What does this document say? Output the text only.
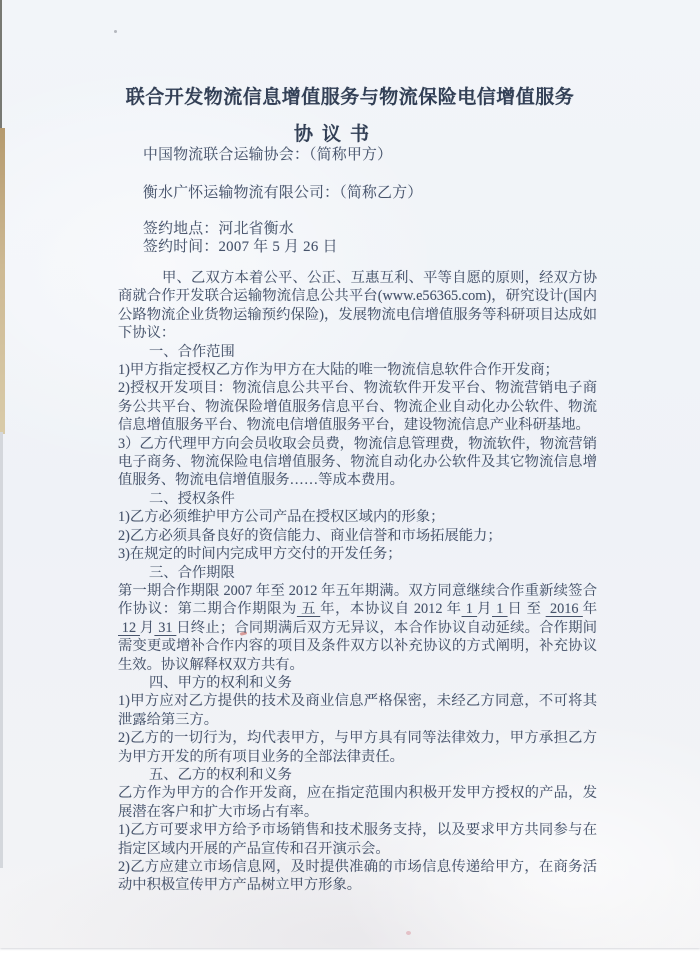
联合开发物流信息增值服务与物流保险电信增值服务
协议书
中国物流联合运输协会：（简称甲方）
衡水广怀运输物流有限公司：（简称乙方）
签约地点：河北省衡水
签约时间：2007 年 5 月 26 日

甲、乙双方本着公平、公正、互惠互利、平等自愿的原则，经双方协商就合作开发联合运输物流信息公共平台(www.e56365.com)，研究设计(国内公路物流企业货物运输预约保险)，发展物流电信增值服务等科研项目达成如下协议：

一、合作范围

1)甲方指定授权乙方作为甲方在大陆的唯一物流信息软件合作开发商；

2)授权开发项目：物流信息公共平台、物流软件开发平台、物流营销电子商务公共平台、物流保险增值服务信息平台、物流企业自动化办公软件、物流信息增值服务平台、物流电信增值服务平台，建设物流信息产业科研基地。

3）乙方代理甲方向会员收取会员费，物流信息管理费，物流软件，物流营销电子商务、物流保险电信增值服务、物流自动化办公软件及其它物流信息增值服务、物流电信增值服务……等成本费用。

二、授权条件

1)乙方必须维护甲方公司产品在授权区域内的形象；

2)乙方必须具备良好的资信能力、商业信誉和市场拓展能力；

3)在规定的时间内完成甲方交付的开发任务；

三、合作期限

第一期合作期限 2007 年至 2012 年五年期满。双方同意继续合作重新续签合作协议：第二期合作期限为 五 年，本协议自 2012 年 1 月 1 日 至  2016 年 12 月 31 日终止；合同期满后双方无异议，本合作协议自动延续。合作期间需变更或增补合作内容的项目及条件双方以补充协议的方式阐明，补充协议生效。协议解释权双方共有。

四、甲方的权利和义务

1)甲方应对乙方提供的技术及商业信息严格保密，未经乙方同意，不可将其泄露给第三方。

2)乙方的一切行为，均代表甲方，与甲方具有同等法律效力，甲方承担乙方为甲方开发的所有项目业务的全部法律责任。

五、乙方的权利和义务

乙方作为甲方的合作开发商，应在指定范围内积极开发甲方授权的产品，发展潜在客户和扩大市场占有率。

1)乙方可要求甲方给予市场销售和技术服务支持，以及要求甲方共同参与在指定区域内开展的产品宣传和召开演示会。

2)乙方应建立市场信息网，及时提供准确的市场信息传递给甲方，在商务活动中积极宣传甲方产品树立甲方形象。
